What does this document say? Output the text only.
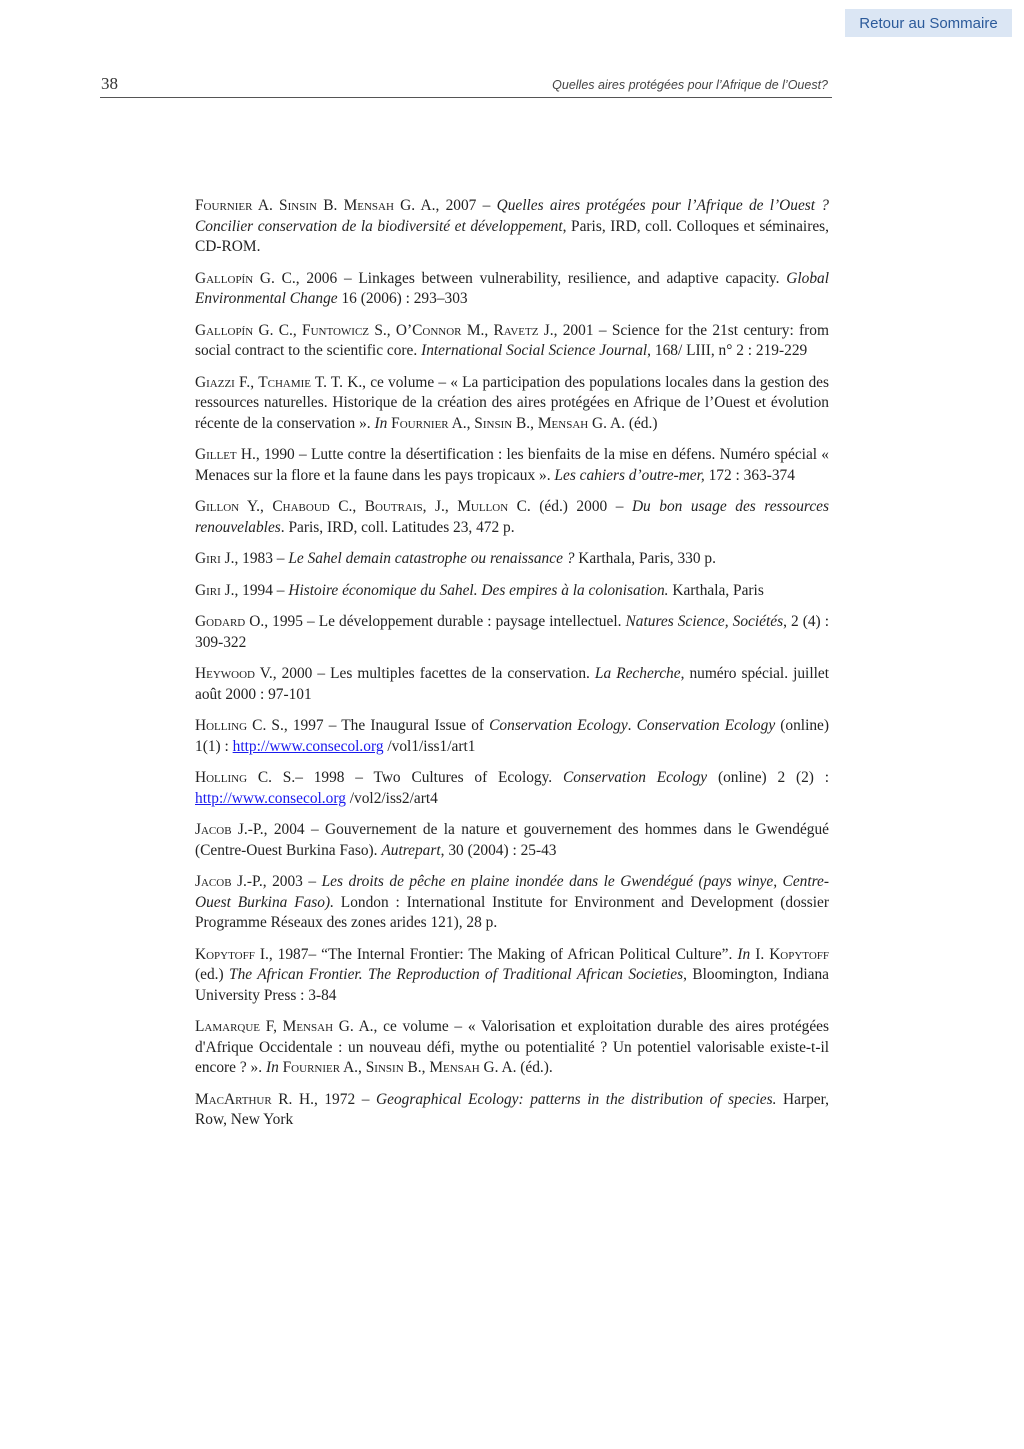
Retour au Sommaire
38	Quelles aires protégées pour l’Afrique de l’Ouest?

Fournier A. Sinsin B. Mensah G. A., 2007 – Quelles aires protégées pour l’Afrique de l’Ouest ? Concilier conservation de la biodiversité et développement, Paris, IRD, coll. Colloques et séminaires, CD-ROM.

Gallopín G. C., 2006 – Linkages between vulnerability, resilience, and adaptive capacity. Global Environmental Change 16 (2006) : 293–303

Gallopín G. C., Funtowicz S., O’Connor M., Ravetz J., 2001 – Science for the 21st century: from social contract to the scientific core. International Social Science Journal, 168/ LIII, n° 2 : 219-229

Giazzi F., Tchamie T. T. K., ce volume – « La participation des populations locales dans la gestion des ressources naturelles. Historique de la création des aires protégées en Afrique de l’Ouest et évolution récente de la conservation ». In Fournier A., Sinsin B., Mensah G. A. (éd.)

Gillet H., 1990 – Lutte contre la désertification : les bienfaits de la mise en défens. Numéro spécial « Menaces sur la flore et la faune dans les pays tropicaux ». Les cahiers d’outre-mer, 172 : 363-374

Gillon Y., Chaboud C., Boutrais, J., Mullon C. (éd.) 2000 – Du bon usage des ressources renouvelables. Paris, IRD, coll. Latitudes 23, 472 p.

Giri J., 1983 – Le Sahel demain catastrophe ou renaissance ? Karthala, Paris, 330 p.

Giri J., 1994 – Histoire économique du Sahel. Des empires à la colonisation. Karthala, Paris

Godard O., 1995 – Le développement durable : paysage intellectuel. Natures Science, Sociétés, 2 (4) : 309-322

Heywood V., 2000 – Les multiples facettes de la conservation. La Recherche, numéro spécial. juillet août 2000 : 97-101

Holling C. S., 1997 – The Inaugural Issue of Conservation Ecology. Conservation Ecology (online) 1(1) : http://www.consecol.org /vol1/iss1/art1

Holling C. S.– 1998 – Two Cultures of Ecology. Conservation Ecology (online) 2 (2) : http://www.consecol.org /vol2/iss2/art4

Jacob J.-P., 2004 – Gouvernement de la nature et gouvernement des hommes dans le Gwendégué (Centre-Ouest Burkina Faso). Autrepart, 30 (2004) : 25-43

Jacob J.-P., 2003 – Les droits de pêche en plaine inondée dans le Gwendégué (pays winye, Centre-Ouest Burkina Faso). London : International Institute for Environment and Development (dossier Programme Réseaux des zones arides 121), 28 p.

Kopytoff I., 1987– “The Internal Frontier: The Making of African Political Culture”. In I. Kopytoff (ed.) The African Frontier. The Reproduction of Traditional African Societies, Bloomington, Indiana University Press : 3-84

Lamarque F, Mensah G. A., ce volume – « Valorisation et exploitation durable des aires protégées d'Afrique Occidentale : un nouveau défi, mythe ou potentialité ? Un potentiel valorisable existe-t-il encore ? ». In Fournier A., Sinsin B., Mensah G. A. (éd.).

MacArthur R. H., 1972 – Geographical Ecology: patterns in the distribution of species. Harper, Row, New York
